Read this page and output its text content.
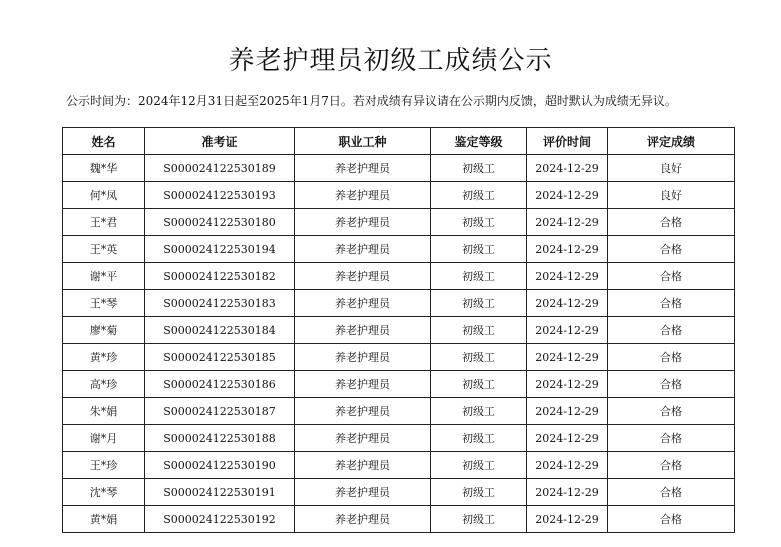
养老护理员初级工成绩公示
公示时间为：2024年12月31日起至2025年1月7日。若对成绩有异议请在公示期内反馈，超时默认为成绩无异议。
姓名	准考证	职业工种	鉴定等级	评价时间	评定成绩
魏*华	S000024122530189	养老护理员	初级工	2024-12-29	良好
何*凤	S000024122530193	养老护理员	初级工	2024-12-29	良好
王*君	S000024122530180	养老护理员	初级工	2024-12-29	合格
王*英	S000024122530194	养老护理员	初级工	2024-12-29	合格
谢*平	S000024122530182	养老护理员	初级工	2024-12-29	合格
王*琴	S000024122530183	养老护理员	初级工	2024-12-29	合格
廖*菊	S000024122530184	养老护理员	初级工	2024-12-29	合格
黄*珍	S000024122530185	养老护理员	初级工	2024-12-29	合格
高*珍	S000024122530186	养老护理员	初级工	2024-12-29	合格
朱*娟	S000024122530187	养老护理员	初级工	2024-12-29	合格
谢*月	S000024122530188	养老护理员	初级工	2024-12-29	合格
王*珍	S000024122530190	养老护理员	初级工	2024-12-29	合格
沈*琴	S000024122530191	养老护理员	初级工	2024-12-29	合格
黄*娟	S000024122530192	养老护理员	初级工	2024-12-29	合格
